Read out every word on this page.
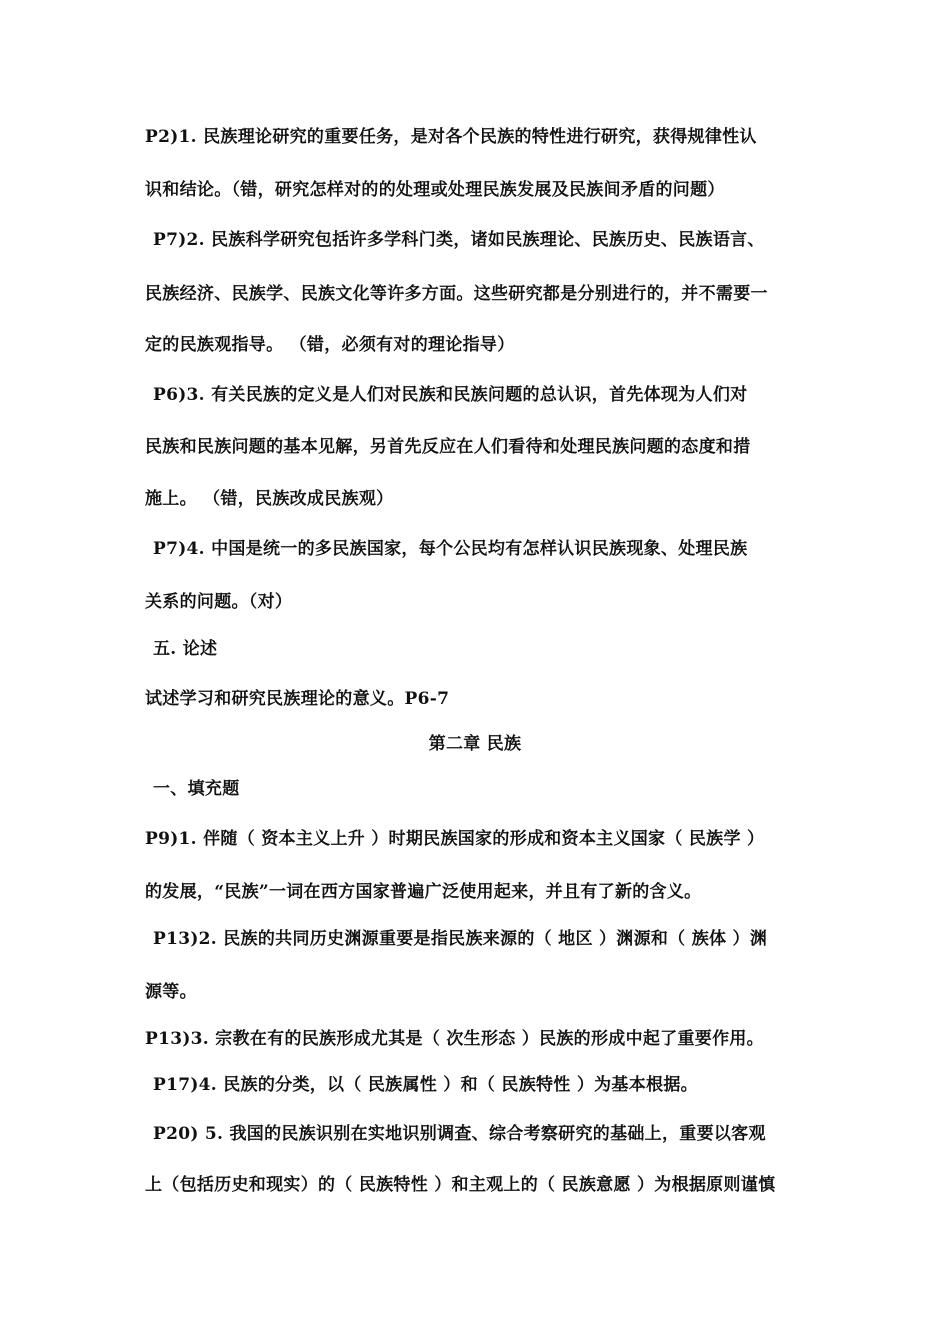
P2)1. 民族理论研究的重要任务，是对各个民族的特性进行研究，获得规律性认
识和结论。（错，研究怎样对的的处理或处理民族发展及民族间矛盾的问题）
P7)2. 民族科学研究包括许多学科门类，诸如民族理论、民族历史、民族语言、
民族经济、民族学、民族文化等许多方面。这些研究都是分别进行的，并不需要一
定的民族观指导。 （错，必须有对的理论指导）
P6)3. 有关民族的定义是人们对民族和民族问题的总认识，首先体现为人们对
民族和民族问题的基本见解，另首先反应在人们看待和处理民族问题的态度和措
施上。 （错，民族改成民族观）
P7)4. 中国是统一的多民族国家，每个公民均有怎样认识民族现象、处理民族
关系的问题。（对）
五. 论述
试述学习和研究民族理论的意义。P6-7
第二章 民族
一、填充题
P9)1. 伴随（ 资本主义上升 ）时期民族国家的形成和资本主义国家（ 民族学 ）
的发展，“民族”一词在西方国家普遍广泛使用起来，并且有了新的含义。
P13)2. 民族的共同历史渊源重要是指民族来源的（ 地区 ）渊源和（ 族体 ）渊
源等。
P13)3. 宗教在有的民族形成尤其是（ 次生形态 ）民族的形成中起了重要作用。
P17)4. 民族的分类，以（ 民族属性 ）和（ 民族特性 ）为基本根据。
P20) 5. 我国的民族识别在实地识别调查、综合考察研究的基础上，重要以客观
上（包括历史和现实）的（ 民族特性 ）和主观上的（ 民族意愿 ）为根据原则谨慎
